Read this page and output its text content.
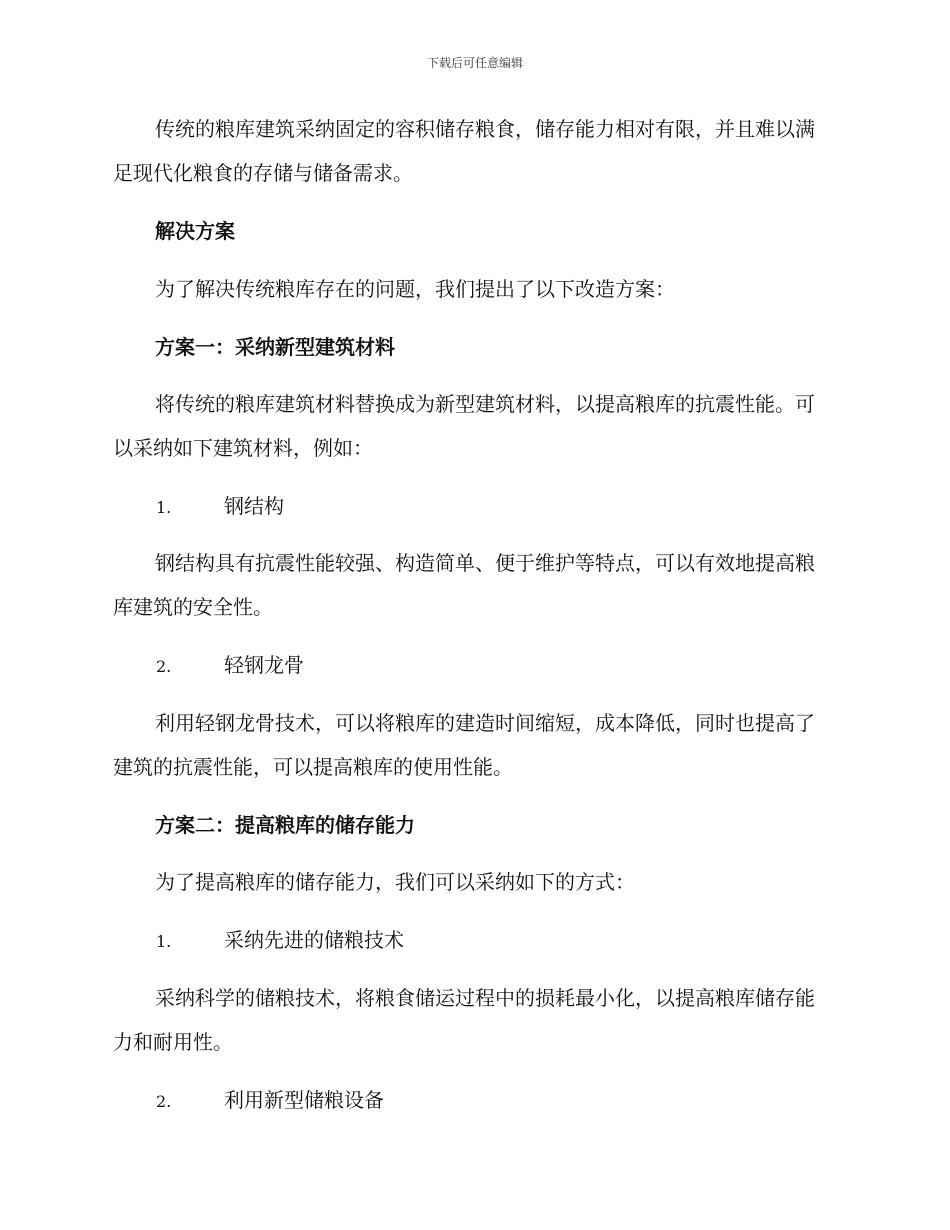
下载后可任意编辑
传统的粮库建筑采纳固定的容积储存粮食，储存能力相对有限，并且难以满足现代化粮食的存储与储备需求。
解决方案
为了解决传统粮库存在的问题，我们提出了以下改造方案：
方案一：采纳新型建筑材料
将传统的粮库建筑材料替换成为新型建筑材料，以提高粮库的抗震性能。可以采纳如下建筑材料，例如：
1.	钢结构
钢结构具有抗震性能较强、构造简单、便于维护等特点，可以有效地提高粮库建筑的安全性。
2.	轻钢龙骨
利用轻钢龙骨技术，可以将粮库的建造时间缩短，成本降低，同时也提高了建筑的抗震性能，可以提高粮库的使用性能。
方案二：提高粮库的储存能力
为了提高粮库的储存能力，我们可以采纳如下的方式：
1.	采纳先进的储粮技术
采纳科学的储粮技术，将粮食储运过程中的损耗最小化，以提高粮库储存能力和耐用性。
2.	利用新型储粮设备
